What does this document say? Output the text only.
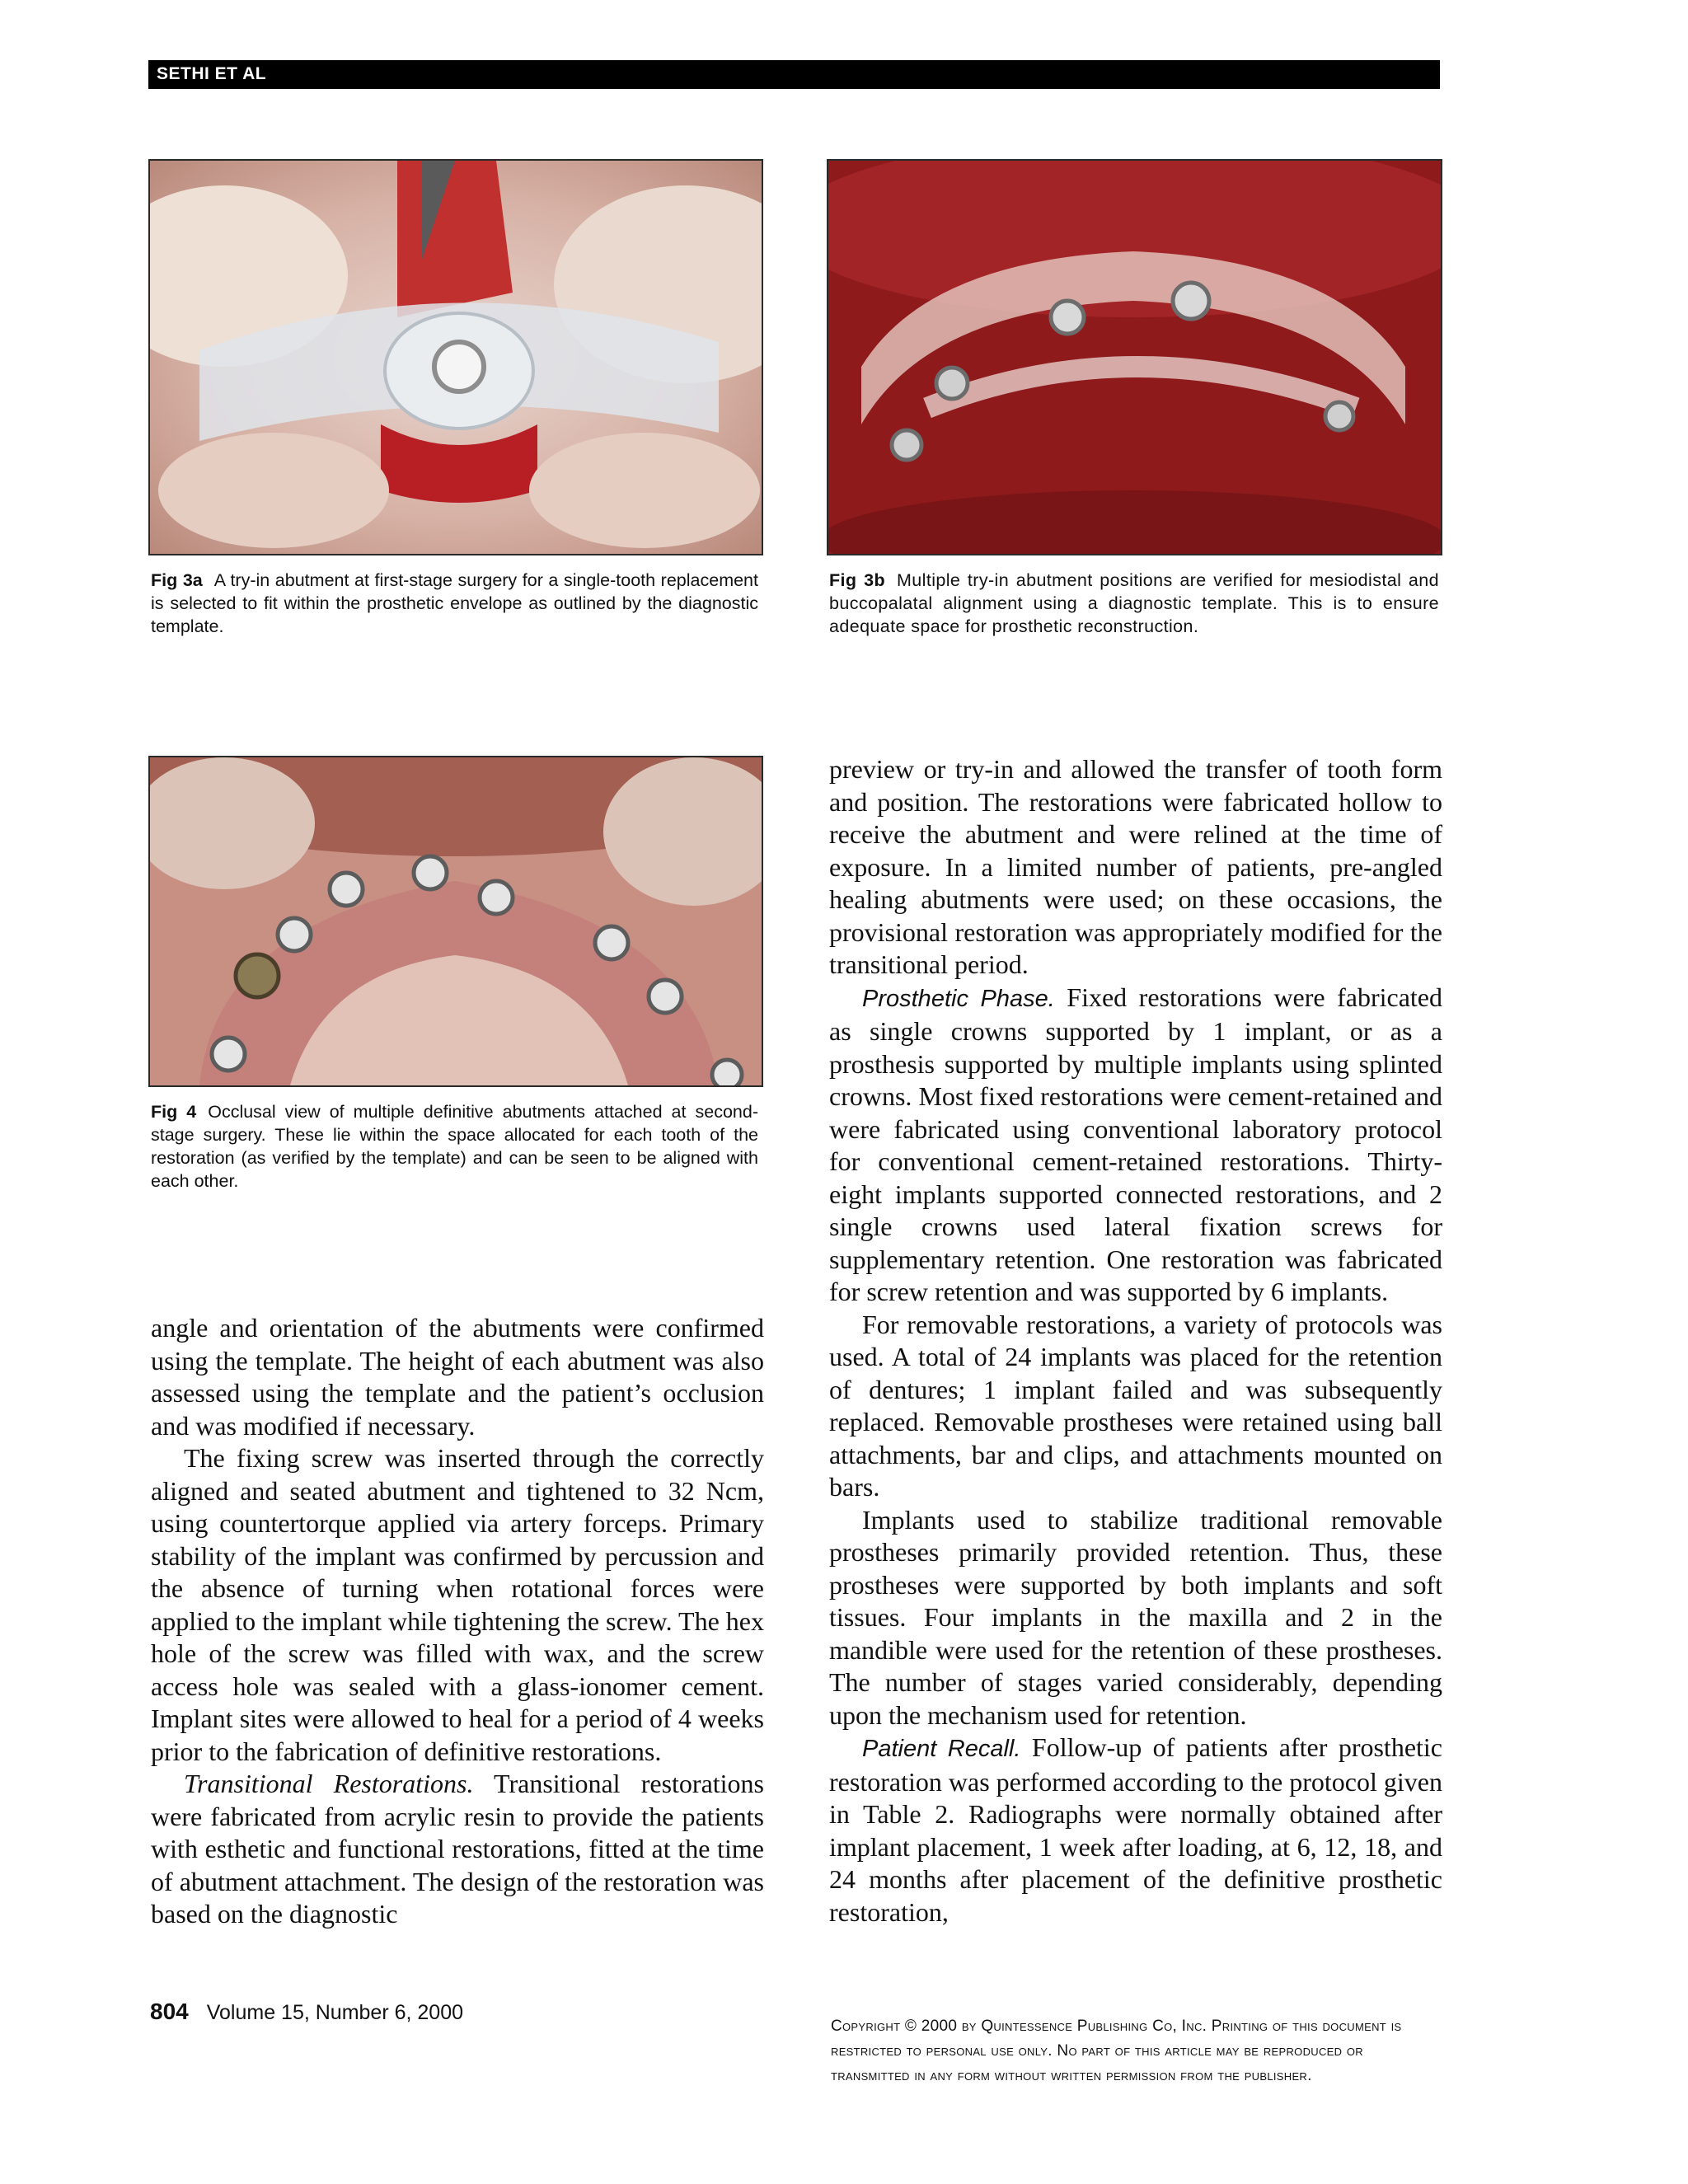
SETHI ET AL
Fig 3a A try-in abutment at first-stage surgery for a single-tooth replacement is selected to fit within the prosthetic envelope as outlined by the diagnostic template.
Fig 3b Multiple try-in abutment positions are verified for mesiodistal and buccopalatal alignment using a diagnostic template. This is to ensure adequate space for prosthetic reconstruction.
Fig 4 Occlusal view of multiple definitive abutments attached at second-stage surgery. These lie within the space allocated for each tooth of the restoration (as verified by the template) and can be seen to be aligned with each other.

angle and orientation of the abutments were confirmed using the template. The height of each abutment was also assessed using the template and the patient’s occlusion and was modified if necessary.

The fixing screw was inserted through the correctly aligned and seated abutment and tightened to 32 Ncm, using countertorque applied via artery forceps. Primary stability of the implant was confirmed by percussion and the absence of turning when rotational forces were applied to the implant while tightening the screw. The hex hole of the screw was filled with wax, and the screw access hole was sealed with a glass-ionomer cement. Implant sites were allowed to heal for a period of 4 weeks prior to the fabrication of definitive restorations.

Transitional Restorations. Transitional restorations were fabricated from acrylic resin to provide the patients with esthetic and functional restorations, fitted at the time of abutment attachment. The design of the restoration was based on the diagnostic

preview or try-in and allowed the transfer of tooth form and position. The restorations were fabricated hollow to receive the abutment and were relined at the time of exposure. In a limited number of patients, pre-angled healing abutments were used; on these occasions, the provisional restoration was appropriately modified for the transitional period.

Prosthetic Phase. Fixed restorations were fabricated as single crowns supported by 1 implant, or as a prosthesis supported by multiple implants using splinted crowns. Most fixed restorations were cement-retained and were fabricated using conventional laboratory protocol for conventional cement-retained restorations. Thirty-eight implants supported connected restorations, and 2 single crowns used lateral fixation screws for supplementary retention. One restoration was fabricated for screw retention and was supported by 6 implants.

For removable restorations, a variety of protocols was used. A total of 24 implants was placed for the retention of dentures; 1 implant failed and was subsequently replaced. Removable prostheses were retained using ball attachments, bar and clips, and attachments mounted on bars.

Implants used to stabilize traditional removable prostheses primarily provided retention. Thus, these prostheses were supported by both implants and soft tissues. Four implants in the maxilla and 2 in the mandible were used for the retention of these prostheses. The number of stages varied considerably, depending upon the mechanism used for retention.

Patient Recall. Follow-up of patients after prosthetic restoration was performed according to the protocol given in Table 2. Radiographs were normally obtained after implant placement, 1 week after loading, at 6, 12, 18, and 24 months after placement of the definitive prosthetic restoration,

804 Volume 15, Number 6, 2000
Copyright © 2000 by Quintessence Publishing Co, Inc. Printing of this document is restricted to personal use only. No part of this article may be reproduced or transmitted in any form without written permission from the publisher.
